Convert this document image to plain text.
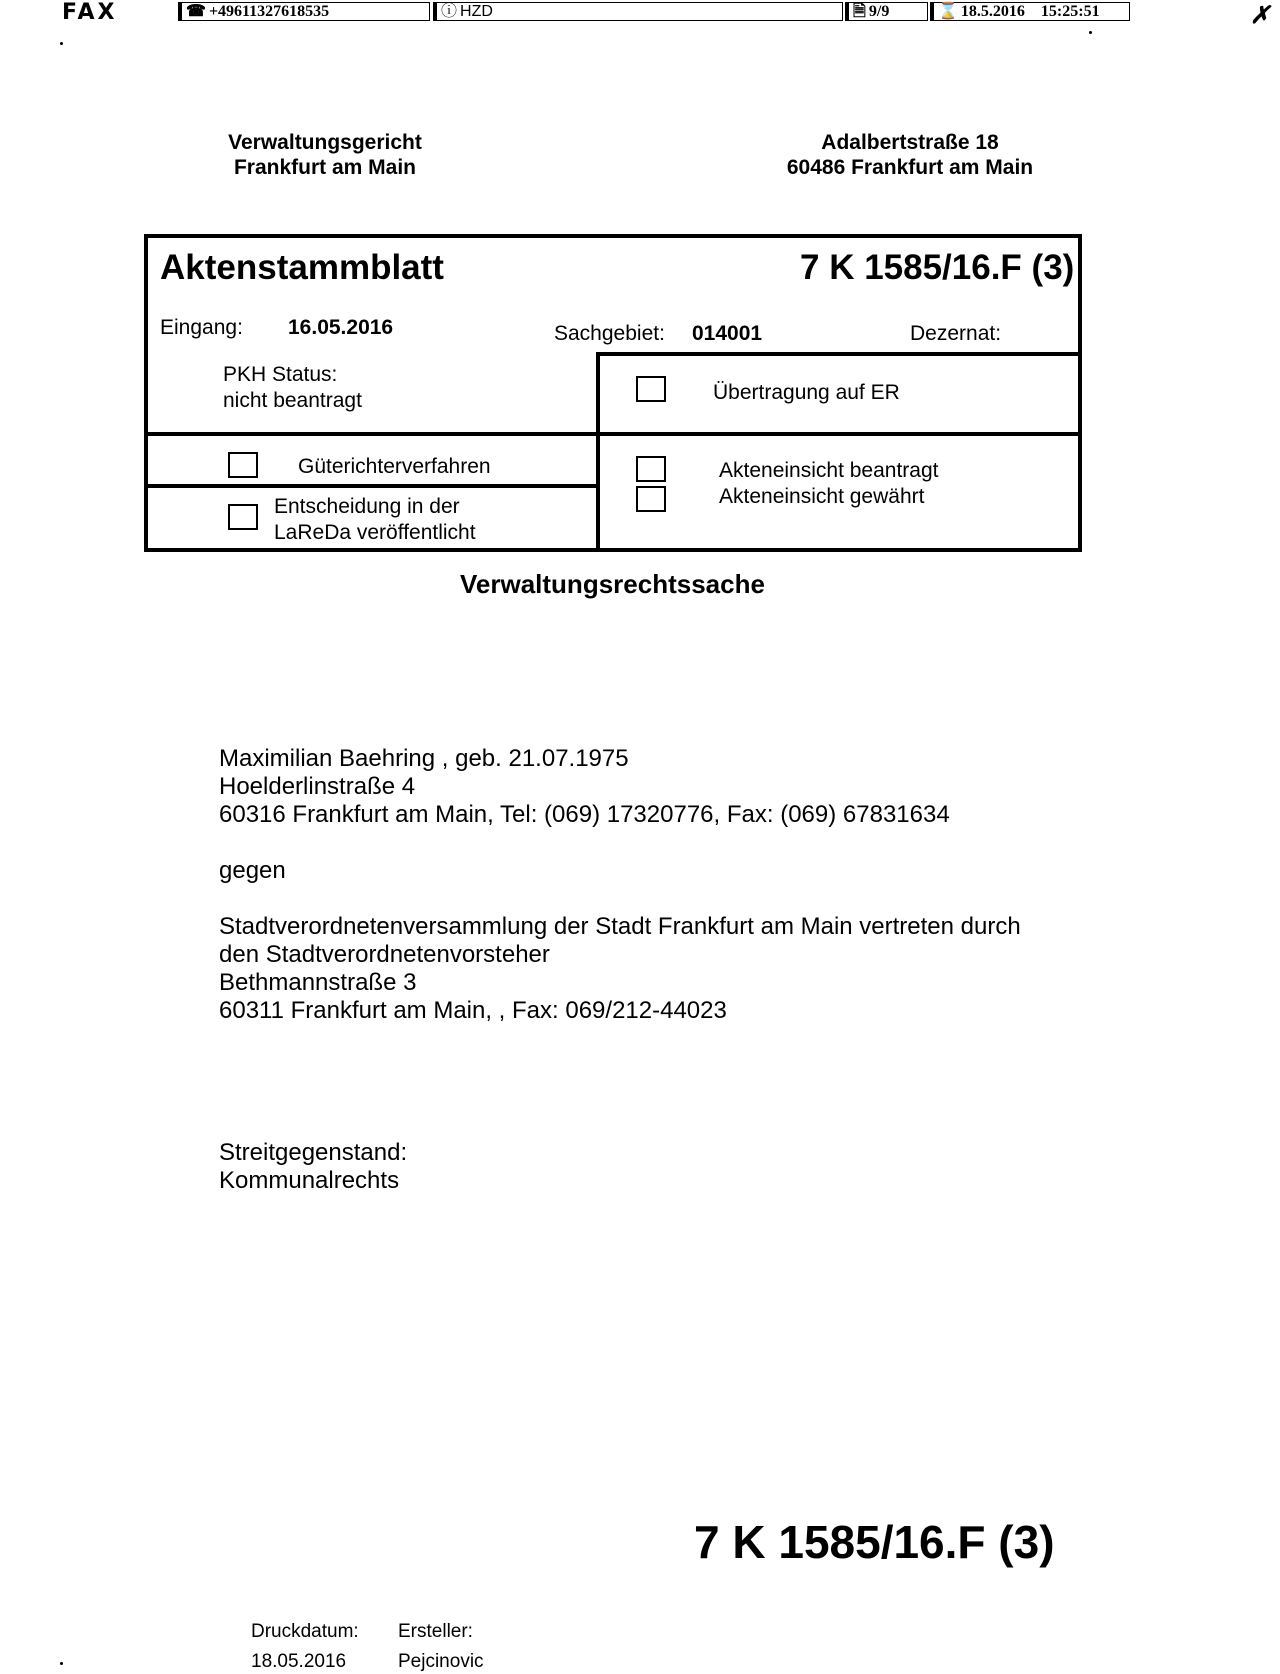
FAX	☎ +49611327618535	ⓘ HZD	🗎 9/9	⌛ 18.5.2016 15:25:51	✗
Verwaltungsgericht
Frankfurt am Main
Adalbertstraße 18
60486 Frankfurt am Main
Aktenstammblatt	7 K 1585/16.F (3)
Eingang: 16.05.2016	Sachgebiet: 014001	Dezernat:
PKH Status:
nicht beantragt	Übertragung auf ER
Güterichterverfahren
Entscheidung in der
LaReDa veröffentlicht
Akteneinsicht beantragt
Akteneinsicht gewährt
Verwaltungsrechtssache
Maximilian Baehring , geb. 21.07.1975
Hoelderlinstraße 4
60316 Frankfurt am Main, Tel: (069) 17320776, Fax: (069) 67831634
gegen
Stadtverordnetenversammlung der Stadt Frankfurt am Main vertreten durch
den Stadtverordnetenvorsteher
Bethmannstraße 3
60311 Frankfurt am Main, , Fax: 069/212-44023
Streitgegenstand:
Kommunalrechts
7 K 1585/16.F (3)
Druckdatum:
18.05.2016
Ersteller:
Pejcinovic
